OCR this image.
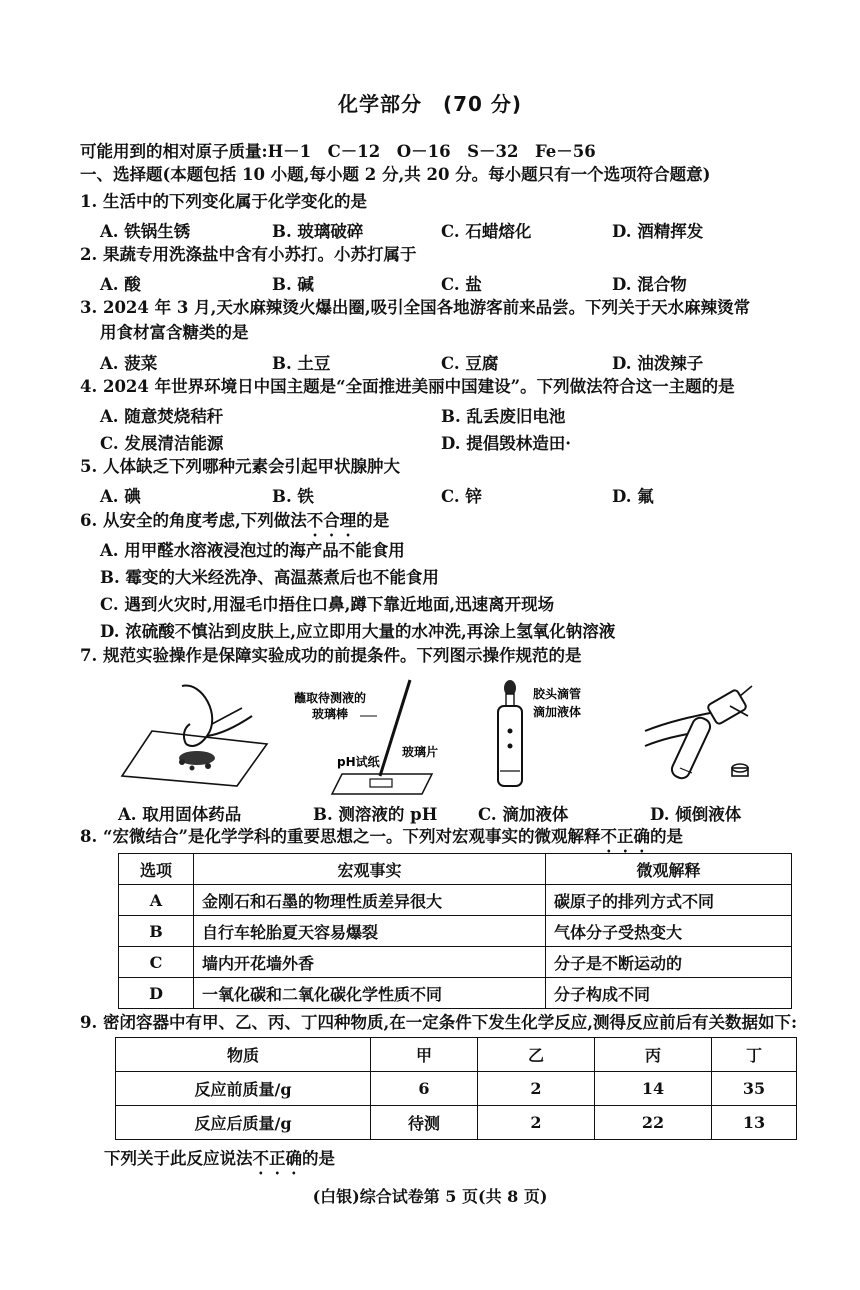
化学部分　(70 分)
可能用到的相对原子质量:H－1　C－12　O－16　S－32　Fe－56
一、选择题(本题包括 10 小题,每小题 2 分,共 20 分。每小题只有一个选项符合题意)
1. 生活中的下列变化属于化学变化的是
A. 铁锅生锈	B. 玻璃破碎	C. 石蜡熔化	D. 酒精挥发
2. 果蔬专用洗涤盐中含有小苏打。小苏打属于
A. 酸	B. 碱	C. 盐	D. 混合物
3. 2024 年 3 月,天水麻辣烫火爆出圈,吸引全国各地游客前来品尝。下列关于天水麻辣烫常
用食材富含糖类的是
A. 菠菜	B. 土豆	C. 豆腐	D. 油泼辣子
4. 2024 年世界环境日中国主题是“全面推进美丽中国建设”。下列做法符合这一主题的是
A. 随意焚烧秸秆	B. 乱丢废旧电池
C. 发展清洁能源	D. 提倡毁林造田·
5. 人体缺乏下列哪种元素会引起甲状腺肿大
A. 碘	B. 铁	C. 锌	D. 氟
6. 从安全的角度考虑,下列做法不合理的是
A. 用甲醛水溶液浸泡过的海产品不能食用
B. 霉变的大米经洗净、高温蒸煮后也不能食用
C. 遇到火灾时,用湿毛巾捂住口鼻,蹲下靠近地面,迅速离开现场
D. 浓硫酸不慎沾到皮肤上,应立即用大量的水冲洗,再涂上氢氧化钠溶液
7. 规范实验操作是保障实验成功的前提条件。下列图示操作规范的是
蘸取待测液的
玻璃棒
pH试纸
玻璃片
胶头滴管
滴加液体
A. 取用固体药品	B. 测溶液的 pH C. 滴加液体	D. 倾倒液体
8. “宏微结合”是化学学科的重要思想之一。下列对宏观事实的微观解释不正确的是
选项	宏观事实	微观解释
A	金刚石和石墨的物理性质差异很大	碳原子的排列方式不同
B	自行车轮胎夏天容易爆裂	气体分子受热变大
C	墙内开花墙外香	分子是不断运动的
D	一氧化碳和二氧化碳化学性质不同	分子构成不同
9. 密闭容器中有甲、乙、丙、丁四种物质,在一定条件下发生化学反应,测得反应前后有关数据如下:
物质	甲	乙	丙	丁
反应前质量/g	6	2	14	35
反应后质量/g	待测	2	22	13
下列关于此反应说法不正确的是
(白银)综合试卷第 5 页(共 8 页)
